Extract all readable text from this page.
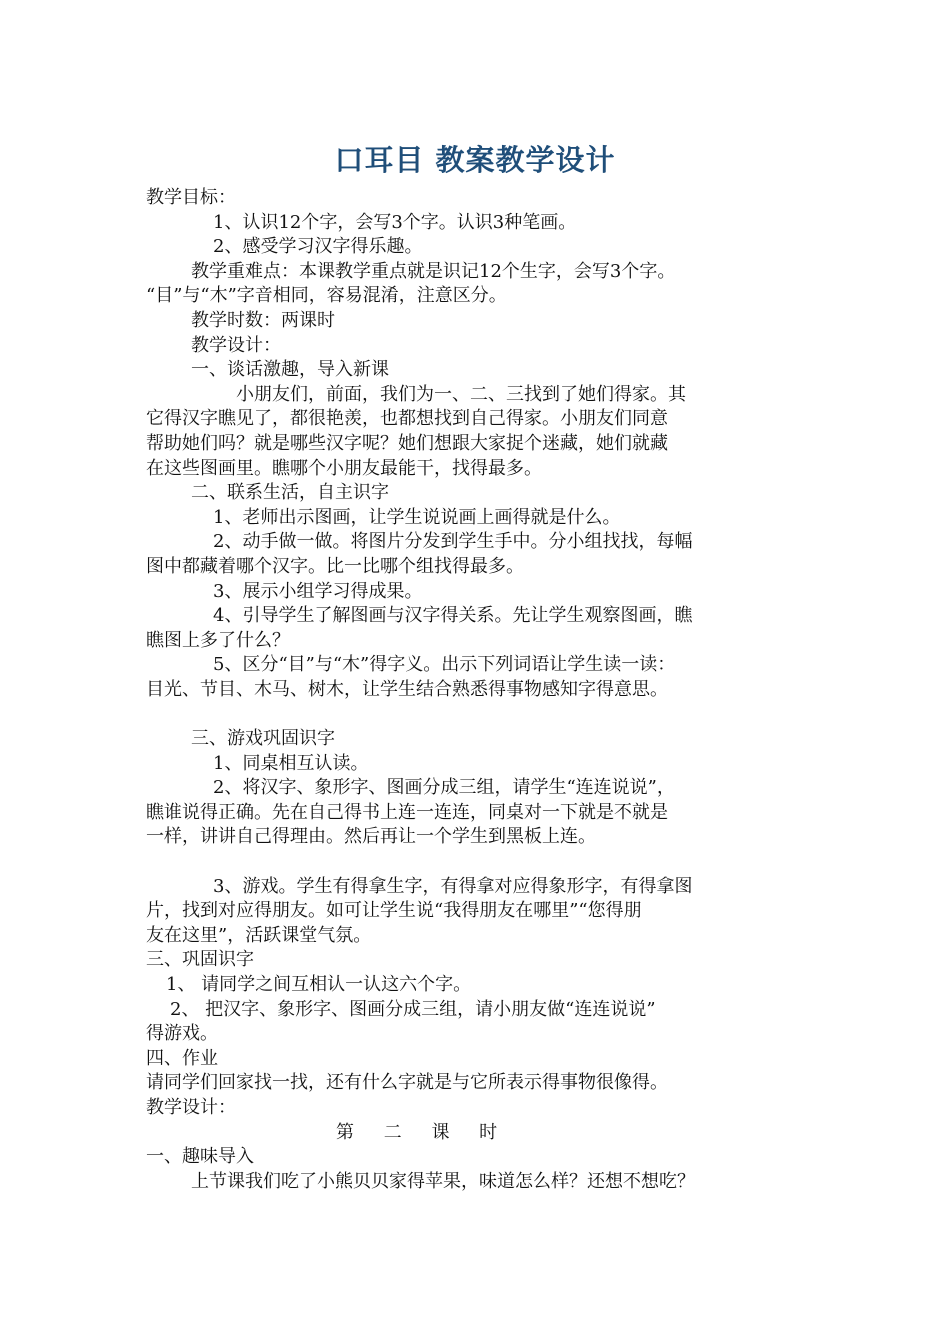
口耳目 教案教学设计
教学目标：
1、认识12个字，会写3个字。认识3种笔画。
2、感受学习汉字得乐趣。
教学重难点：本课教学重点就是识记12个生字，会写3个字。
“目”与“木”字音相同，容易混淆，注意区分。
教学时数：两课时
教学设计：
一、谈话激趣，导入新课
小朋友们，前面，我们为一、二、三找到了她们得家。其
它得汉字瞧见了，都很艳羡，也都想找到自己得家。小朋友们同意
帮助她们吗？就是哪些汉字呢？她们想跟大家捉个迷藏，她们就藏
在这些图画里。瞧哪个小朋友最能干，找得最多。
二、联系生活，自主识字
1、老师出示图画，让学生说说画上画得就是什么。
2、动手做一做。将图片分发到学生手中。分小组找找，每幅
图中都藏着哪个汉字。比一比哪个组找得最多。
3、展示小组学习得成果。
4、引导学生了解图画与汉字得关系。先让学生观察图画，瞧
瞧图上多了什么？
5、区分“目”与“木”得字义。出示下列词语让学生读一读：
目光、节目、木马、树木，让学生结合熟悉得事物感知字得意思。
三、游戏巩固识字
1、同桌相互认读。
2、将汉字、象形字、图画分成三组，请学生“连连说说”，
瞧谁说得正确。先在自己得书上连一连连，同桌对一下就是不就是
一样，讲讲自己得理由。然后再让一个学生到黑板上连。
3、游戏。学生有得拿生字，有得拿对应得象形字，有得拿图
片，找到对应得朋友。如可让学生说“我得朋友在哪里”“您得朋
友在这里”，活跃课堂气氛。
三、巩固识字
1、 请同学之间互相认一认这六个字。
2、 把汉字、象形字、图画分成三组，请小朋友做“连连说说”
得游戏。
四、作业
请同学们回家找一找，还有什么字就是与它所表示得事物很像得。
教学设计：
第 二 课 时
一、趣味导入
上节课我们吃了小熊贝贝家得苹果，味道怎么样？还想不想吃？
